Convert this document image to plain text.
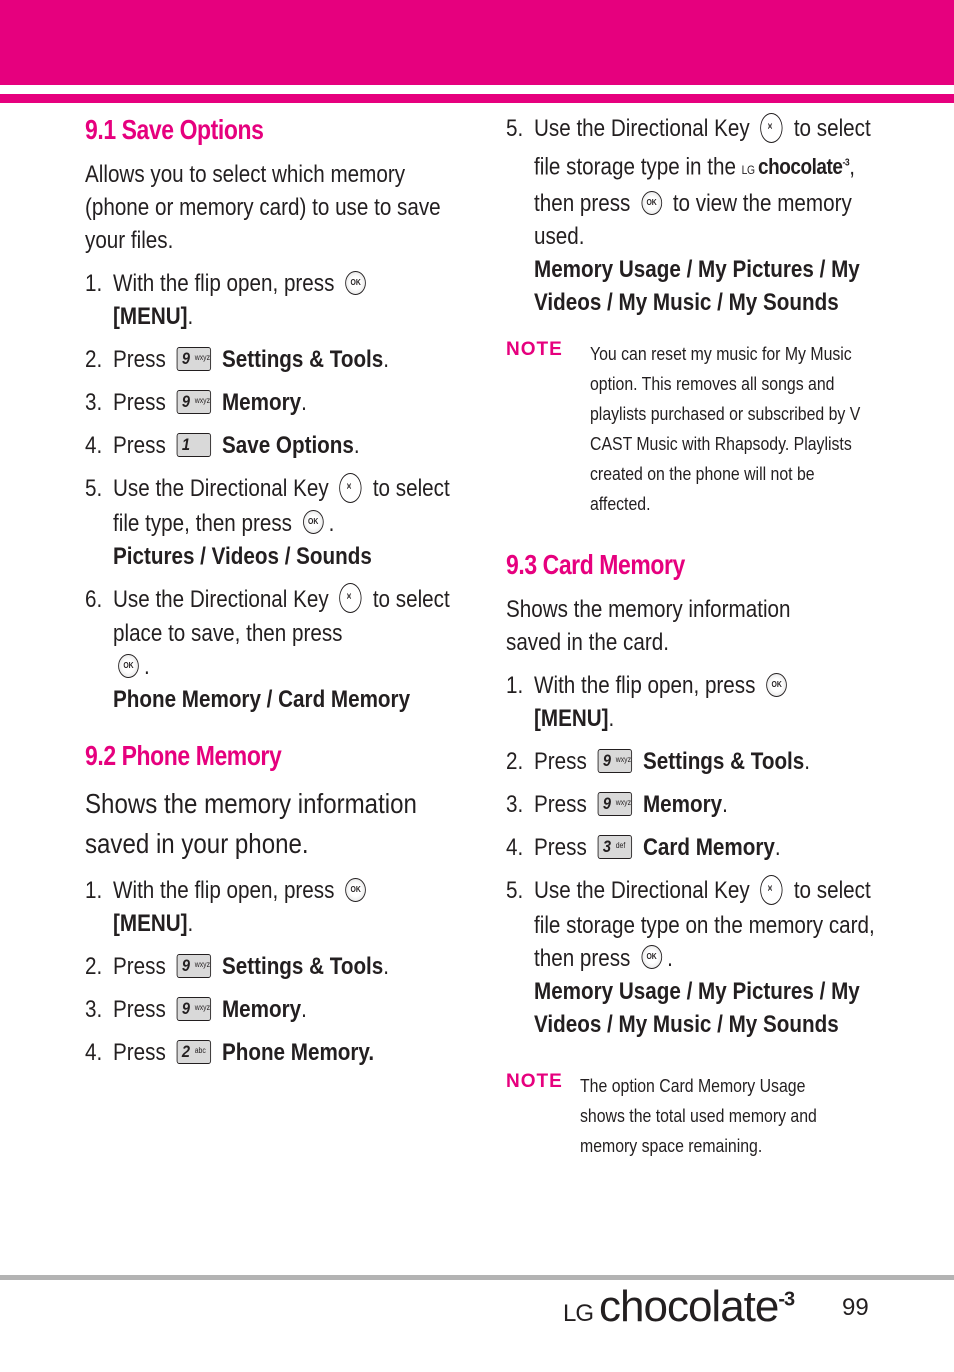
9.1 Save Options

Allows you to select which memory (phone or memory card) to use to save your files.

1. With the flip open, press OK
[MENU].
2. Press 9 wxyz Settings & Tools.
3. Press 9 wxyz Memory.
4. Press 1 Save Options.
5. Use the Directional Key ˄ ˅ to select file type, then press OK .
Pictures / Videos / Sounds
6. Use the Directional Key ˄ ˅ to select place to save, then press
OK .
Phone Memory / Card Memory
9.2 Phone Memory

Shows the memory information saved in your phone.

1. With the flip open, press OK
[MENU].
2. Press 9 wxyz Settings & Tools.
3. Press 9 wxyz Memory.
4. Press 2 abc Phone Memory.
5. Use the Directional Key ˄ ˅ to select file storage type in the LG chocolate$^{-3}$, then press OK to view the memory used.
Memory Usage / My Pictures / My Videos / My Music / My Sounds
NOTE You can reset my music for My Music option. This removes all songs and playlists purchased or subscribed by V CAST Music with Rhapsody. Playlists created on the phone will not be affected.
9.3 Card Memory

Shows the memory information saved in the card.

1. With the flip open, press OK
[MENU].
2. Press 9 wxyz Settings & Tools.
3. Press 9 wxyz Memory.
4. Press 3 def Card Memory.
5. Use the Directional Key ˄ ˅ to select file storage type on the memory card, then press OK .
Memory Usage / My Pictures / My Videos / My Music / My Sounds
NOTE The option Card Memory Usage shows the total used memory and memory space remaining.
LG chocolate$^{-3}$ 99
